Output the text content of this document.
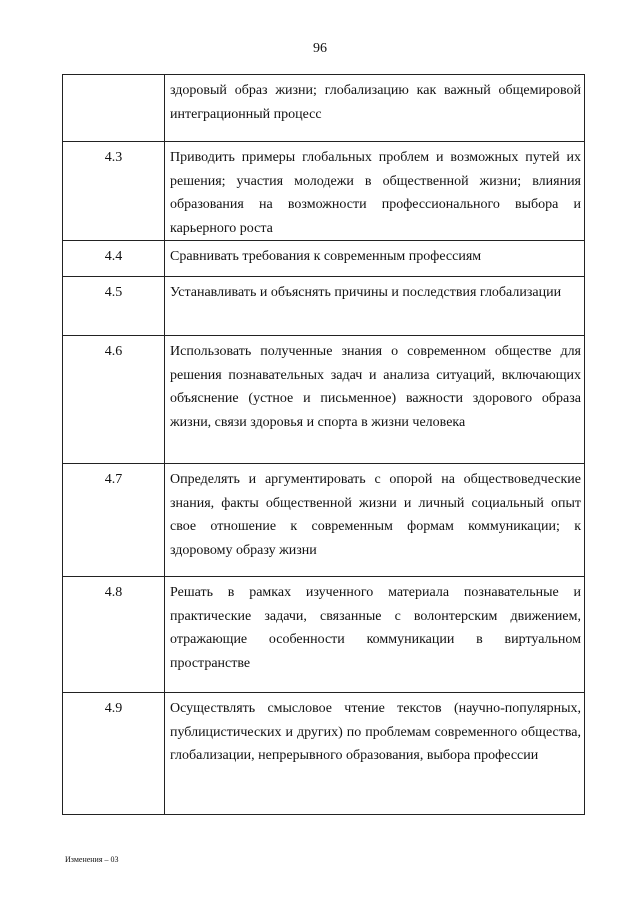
96
	здоровый образ жизни; глобализацию как важный общемировой интеграционный процесс
4.3	Приводить примеры глобальных проблем и возможных путей их решения; участия молодежи в общественной жизни; влияния образования на возможности профессионального выбора и карьерного роста
4.4	Сравнивать требования к современным профессиям
4.5	Устанавливать и объяснять причины и последствия глобализации
4.6	Использовать полученные знания о современном обществе для решения познавательных задач и анализа ситуаций, включающих объяснение (устное и письменное) важности здорового образа жизни, связи здоровья и спорта в жизни человека
4.7	Определять и аргументировать с опорой на обществоведческие знания, факты общественной жизни и личный социальный опыт свое отношение к современным формам коммуникации; к здоровому образу жизни
4.8	Решать в рамках изученного материала познавательные и практические задачи, связанные с волонтерским движением, отражающие особенности коммуникации в виртуальном пространстве
4.9	Осуществлять смысловое чтение текстов (научно-популярных, публицистических и других) по проблемам современного общества, глобализации, непрерывного образования, выбора профессии
Изменения – 03
